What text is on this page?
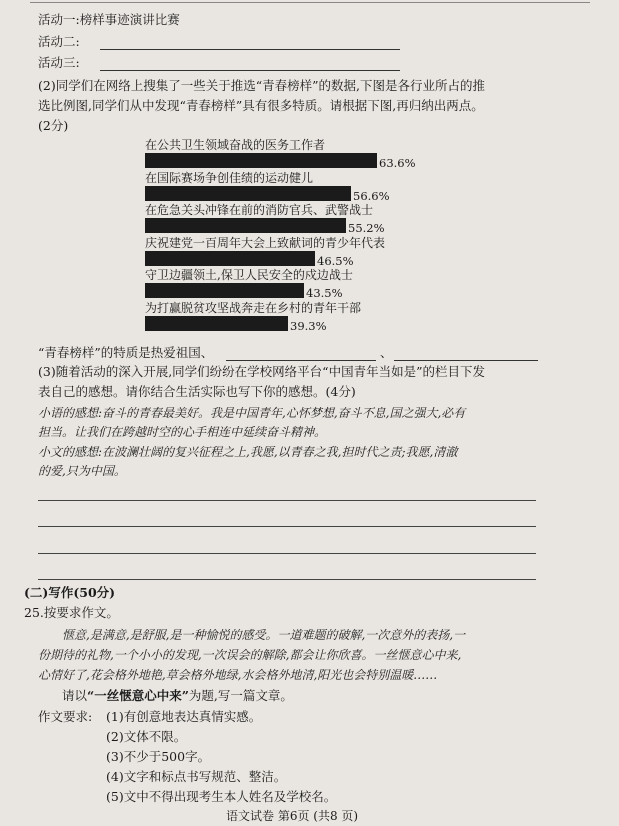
活动一:榜样事迹演讲比赛
活动二:
活动三:
(2)同学们在网络上搜集了一些关于推选“青春榜样”的数据,下图是各行业所占的推
选比例图,同学们从中发现“青春榜样”具有很多特质。请根据下图,再归纳出两点。
(2分)
在公共卫生领域奋战的医务工作者
63.6%
在国际赛场争创佳绩的运动健儿
56.6%
在危急关头冲锋在前的消防官兵、武警战士
55.2%
庆祝建党一百周年大会上致献词的青少年代表
46.5%
守卫边疆领土,保卫人民安全的戍边战士
43.5%
为打赢脱贫攻坚战奔走在乡村的青年干部
39.3%
“青春榜样”的特质是热爱祖国、	、
(3)随着活动的深入开展,同学们纷纷在学校网络平台“中国青年当如是”的栏目下发
表自己的感想。请你结合生活实际也写下你的感想。(4分)
小语的感想:奋斗的青春最美好。我是中国青年,心怀梦想,奋斗不息,国之强大,必有
担当。让我们在跨越时空的心手相连中延续奋斗精神。
小文的感想:在波澜壮阔的复兴征程之上,我愿,以青春之我,担时代之责;我愿,清澈
的爱,只为中国。
(二)写作(50分)
25.按要求作文。
惬意,是满意,是舒服,是一种愉悦的感受。一道难题的破解,一次意外的表扬,一
份期待的礼物,一个小小的发现,一次误会的解除,都会让你欣喜。一丝惬意心中来,
心情好了,花会格外地艳,草会格外地绿,水会格外地清,阳光也会特别温暖……
请以“一丝惬意心中来”为题,写一篇文章。
作文要求: (1)有创意地表达真情实感。
(2)文体不限。
(3)不少于500字。
(4)文字和标点书写规范、整洁。
(5)文中不得出现考生本人姓名及学校名。
语文试卷 第6页 (共8 页)
